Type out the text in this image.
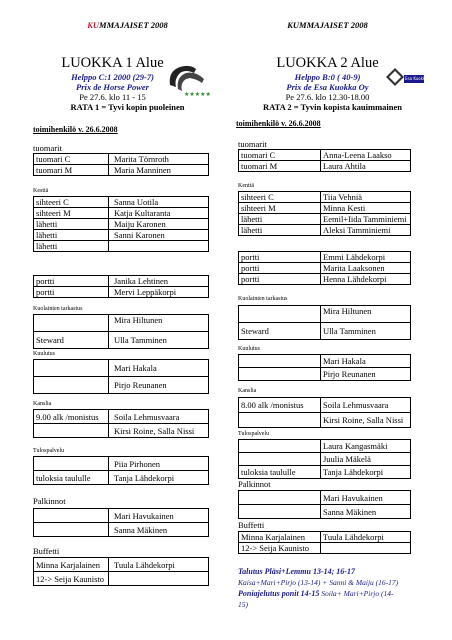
KUMMAJAISET 2008
LUOKKA 1 Alue
Helppo C:1 2000 (29-7)
Prix de Horse Power
Pe 27.6. klo 11 - 15
RATA 1 = Tyvi kopin puoleinen
★★★★★
toimihenkilö v. 26.6.2008
KUMMAJAISET 2008
LUOKKA 2 Alue
Helppo B:0 ( 40-9)
Prix de Esa Kuokka Oy
Pe 27.6. klo 12.30-18.00
RATA 2 = Tyvin kopista kauimmainen
Esa Kuokka Oy
toimihenkilö v. 26.6.2008
tuomarit
tuomari C	Marita Törnroth
tuomari M	Maria Manninen
Kesttä
sihteeri C	Sanna Uotila
sihteeri M	Katja Kultaranta
lähetti	Maiju Karonen
lähetti	Sanni Karonen
lähetti	
portti	Janika Lehtinen
portti	Mervi Leppäkorpi
Kuolainten tarkastus
	Mira Hiltunen
Steward	Ulla Tamminen
Kuulutus
	Mari Hakala
	Pirjo Reunanen
Kanslia
9.00 alk /monistus	Soila Lehmusvaara
	Kirsi Roine, Salla Nissi
Tulospalvelu
	Piia Pirhonen
tuloksia taululle	Tanja Lähdekorpi
Palkinnot
	Mari Havukainen
	Sanna Mäkinen
Buffetti
Minna Karjalainen	Tuula Lähdekorpi
12-> Seija Kaunisto	
tuomarit
tuomari C	Anna-Leena Laakso
tuomari M	Laura Ahtila
Kenttä
sihteeri C	Tiia Vehniä
sihteeri M	Minna Kesti
lähetti	Eemil+Iida Tamminiemi
lähetti	Aleksi Tamminiemi
portti	Emmi Lähdekorpi
portti	Marita Laaksonen
portti	Henna Lähdekorpi
Kuolainten tarkastus
	Mira Hiltunen
Steward	Ulla Tamminen
Kuulutus
	Mari Hakala
	Pirjo Reunanen
Kanslia
8.00 alk /monistus	Soila Lehmusvaara
	Kirsi Roine, Salla Nissi
Tulospalvelu
	Laura Kangasmäki
	Juulia Mäkelä
tuloksia taululle	Tanja Lähdekorpi
Palkinnot
	Mari Havukainen
	Sanna Mäkinen
Buffetti
Minna Karjalainen	Tuula Lähdekorpi
12-> Seija Kaunisto	
Talutus Pläsi+Lemmu 13-14; 16-17
Kaisa+Mari+Pirjo (13-14) + Sanni & Maiju (16-17)
Poniajelutus ponit 14-15 Soila+ Mari+Pirjo (14-
15)
